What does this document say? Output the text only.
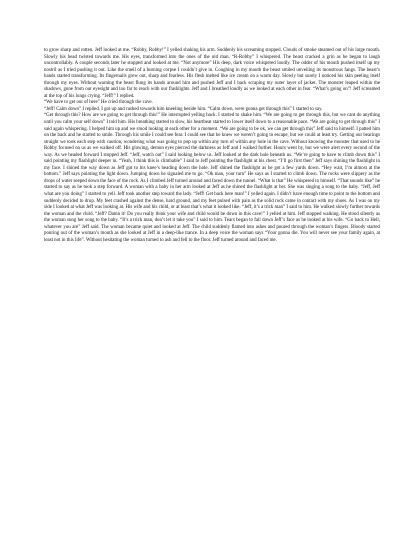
to grow sharp and rotten. Jeff looked at me. “Robby, Robby!” I yelled shaking his arm. Suddenly his screaming stopped. Clouds of smoke steamed out of his large mouth. Slowly his head twisted towards me. His eyes, transformed into the ones of the old man. “R-Robby” I whispered. The beast cracked a grin as he began to laugh uncontrollably. A couple seconds later he stopped and looked at me. “Not anymore” His deep, dark voice whispered loudly. The odder of his mouth pushed itself up my nostril as I tried pushing it out. Like the smell of a burning corpse I couldn’t give in. Coughing in my mouth the beast smiled unveiling its monstrous fangs. The beast’s hands started transforming. Its fingernails grew out, sharp and fearless. His flesh melted like ice cream on a warm day. Slowly but surely I noticed his skin peeling itself through my eyes. Without warning the beast flung its hands around him and pushed Jeff and I back scraping my outer layer of jacket. The monster leaped within the shadows, gone from our eyesight and too far to reach with our flashlights. Jeff and I breathed loudly as we looked at each other in fear. “What’s going on”! Jeff screamed at the top of his lungs crying. “Jeff!” I replied.

“We have to get out of here” He cried through the cave.

“Jeff! Calm down” I replied. I got up and rushed towards him kneeling beside him. “Calm down, were gonna get through this” I started to say.

“Get through this? How are we going to get through this!” He interrupted yelling back. I started to shake him. “We are going to get through this, but we cant do anything until you calm your self down” I told him. His breathing started to slow, his heartbeat started to lower itself down to a reasonable pace. “We are going to get through this” I said again whispering. I helped him up and we stood looking at each other for a moment. “We are going to be ok, we can get through this” Jeff said to himself. I patted him on the back and he started to smile. Through his smile I could see fear. I could see that he knew we weren’t going to escape, but we could at least try. Getting our bearings straight we took each step with caution, wondering what was going to pop up within any turn of within any hole in the cave. Without knowing the monster that used to be Robby focused on us as we walked off. His glowing, demon eyes pierced the darkness as Jeff and I walked further. Hours went by, but we were alert every second of the way. As we headed forward I stopped Jeff. “Jeff, watch out” I said looking below us. Jeff looked at the dark hole beneath us. “We’re going to have to climb down this” I said pointing my flashlight deeper in. “Yeah, I think this is climbable” I said to Jeff pointing the flashlight at his chest. “I’ll go first then” Jeff says shining the flashlight in my face. I shined the way down as Jeff got to his knee’s heading down the hole. Jeff shined the flashlight as he got a few yards down. “Hey wait, I’m almost at the bottom.” Jeff says pointing the light down. Jumping down he signaled me to go. “Ok man, your turn” He says as I started to climb down. The rocks were slippery as the drops of water seeped down the face of the rock. As I climbed Jeff turned around and faced down the tunnel. “What is that” He whispered to himself. “That sounds like” he started to say as he took a step forward. A woman with a baby in her arm looked at Jeff as he shined the flashlight at her. She was singing a song to the baby. “Jeff, Jeff what are you doing” I started to yell. Jeff took another step toward the lady. “Jeff! Get back here man!” I yelled again. I didn’t have enough time to point to the bottom and suddenly decided to drop. My feet crashed against the dense, hard ground, and my feet pulsed with pain as the solid rock came in contact with my shoes. As I was on my side I looked at what Jeff was looking at. His wife and his child, or at least that’s what it looked like. “Jeff, it’s a trick man” I said to him. He walked slowly further towards the woman and the child. “Jeff? Damn it! Do you really think your wife and child would be down in this cave!” I yelled at him. Jeff stopped walking. He stood silently as the woman sung her song to the baby. “It’s a trick man, don’t let it take you” I said to him. Tears began to fall down Jeff’s face as he looked at his wife. “Go back to Hell, whatever you are” Jeff said. The woman became quiet and looked at Jeff. The child suddenly flamed into ashes and poured through the woman’s fingers. Bloody started pouring out of the woman’s mouth as she looked at Jeff in a deep-like trance. In a deep voice the woman says “Your gonna die. You will never see your family again, at least not in this life”. Without hesitating the woman turned to ash and fell to the floor. Jeff turned around and faced me.
